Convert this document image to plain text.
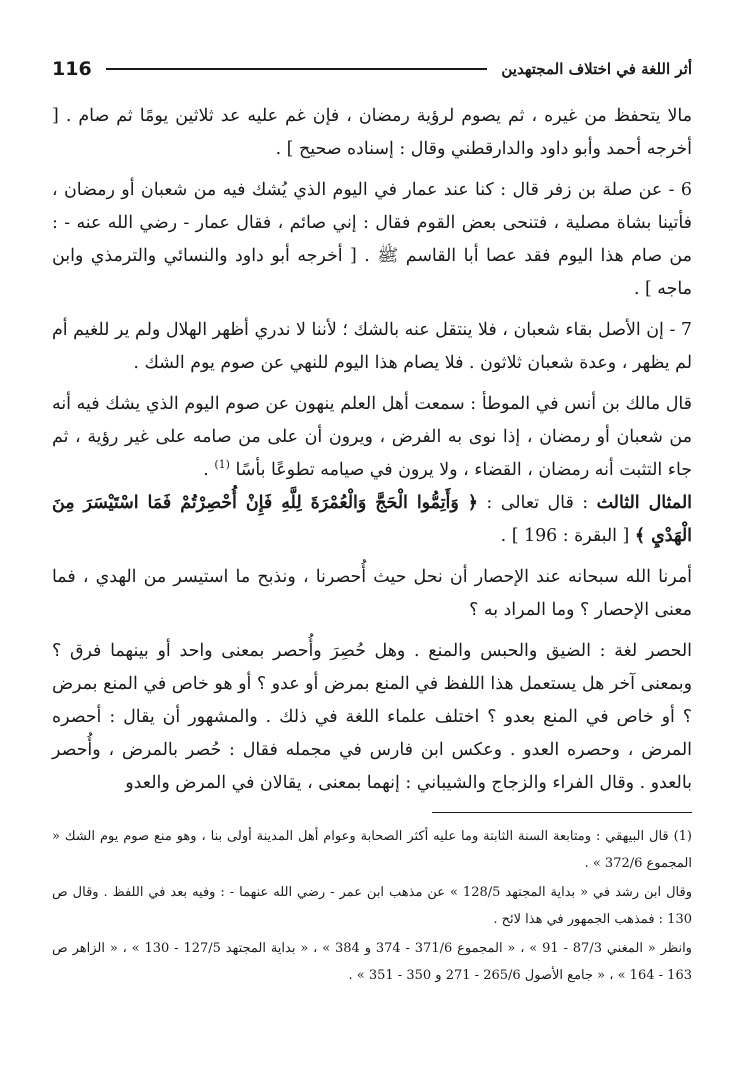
116	أثر اللغة في اختلاف المجتهدين

مالا يتحفظ من غيره ، ثم يصوم لرؤية رمضان ، فإن غم عليه عد ثلاثين يومًا ثم صام . [ أخرجه أحمد وأبو داود والدارقطني وقال : إسناده صحيح ] .

6 - عن صلة بن زفر قال : كنا عند عمار في اليوم الذي يُشك فيه من شعبان أو رمضان ، فأتينا بشاة مصلية ، فتنحى بعض القوم فقال : إني صائم ، فقال عمار - رضي الله عنه - : من صام هذا اليوم فقد عصا أبا القاسم ﷺ . [ أخرجه أبو داود والنسائي والترمذي وابن ماجه ] .

7 - إن الأصل بقاء شعبان ، فلا ينتقل عنه بالشك ؛ لأننا لا ندري أظهر الهلال ولم ير للغيم أم لم يظهر ، وعدة شعبان ثلاثون . فلا يصام هذا اليوم للنهي عن صوم يوم الشك .

قال مالك بن أنس في الموطأ : سمعت أهل العلم ينهون عن صوم اليوم الذي يشك فيه أنه من شعبان أو رمضان ، إذا نوى به الفرض ، ويرون أن على من صامه على غير رؤية ، ثم جاء التثبت أنه رمضان ، القضاء ، ولا يرون في صيامه تطوعًا بأسًا $^{(1)}$ .

المثال الثالث : قال تعالى : ﴿ وَأَتِمُّوا الْحَجَّ وَالْعُمْرَةَ لِلَّهِ فَإِنْ أُحْصِرْتُمْ فَمَا اسْتَيْسَرَ مِنَ الْهَدْيِ ﴾ [ البقرة : 196 ] .

أمرنا الله سبحانه عند الإحصار أن نحل حيث أُحصرنا ، ونذبح ما استيسر من الهدي ، فما معنى الإحصار ؟ وما المراد به ؟

الحصر لغة : الضيق والحبس والمنع . وهل حُصِرَ وأُحصر بمعنى واحد أو بينهما فرق ؟ وبمعنى آخر هل يستعمل هذا اللفظ في المنع بمرض أو عدو ؟ أو هو خاص في المنع بمرض ؟ أو خاص في المنع بعدو ؟ اختلف علماء اللغة في ذلك . والمشهور أن يقال : أحصره المرض ، وحصره العدو . وعكس ابن فارس في مجمله فقال : حُصر بالمرض ، وأُحصر بالعدو . وقال الفراء والزجاج والشيباني : إنهما بمعنى ، يقالان في المرض والعدو

(1) قال البيهقي : ومتابعة السنة الثابتة وما عليه أكثر الصحابة وعوام أهل المدينة أولى بنا ، وهو منع صوم يوم الشك « المجموع 372/6 » .

وقال ابن رشد في « بداية المجتهد 128/5 » عن مذهب ابن عمر - رضي الله عنهما - : وفيه بعد في اللفظ . وقال ص 130 : فمذهب الجمهور في هذا لائح .

وانظر « المغني 87/3 - 91 » ، « المجموع 371/6 - 374 و 384 » ، « بداية المجتهد 127/5 - 130 » ، « الزاهر ص 163 - 164 » ، « جامع الأصول 265/6 - 271 و 350 - 351 » .
